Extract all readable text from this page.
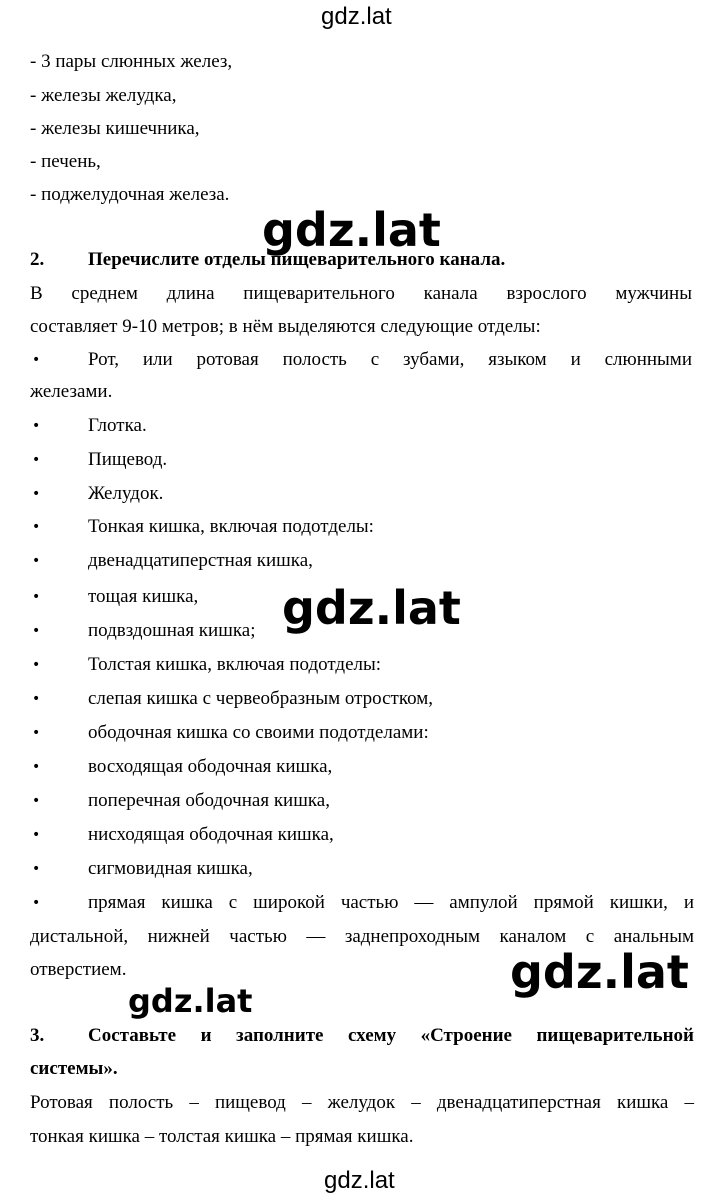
gdz.lat
- 3 пары слюнных желез,
- железы желудка,
- железы кишечника,
- печень,
- поджелудочная железа.
gdz.lat
2. Перечислите отделы пищеварительного канала.
В среднем длина пищеварительного канала взрослого мужчины
составляет 9-10 метров; в нём выделяются следующие отделы:
•	Рот, или ротовая полость с зубами, языком и слюнными
железами.
•	Глотка.
•	Пищевод.
•	Желудок.
•	Тонкая кишка, включая подотделы:
•	двенадцатиперстная кишка,
•	тощая кишка,
•	подвздошная кишка; gdz.lat
•	Толстая кишка, включая подотделы:
•	слепая кишка с червеобразным отростком,
•	ободочная кишка со своими подотделами:
•	восходящая ободочная кишка,
•	поперечная ободочная кишка,
•	нисходящая ободочная кишка,
•	сигмовидная кишка,
•	прямая кишка с широкой частью — ампулой прямой кишки, и
дистальной, нижней частью — заднепроходным каналом с анальным
отверстием.	gdz.lat
gdz.lat
3. Составьте и заполните схему «Строение пищеварительной
системы».
Ротовая полость – пищевод – желудок – двенадцатиперстная кишка –
тонкая кишка – толстая кишка – прямая кишка.
gdz.lat
